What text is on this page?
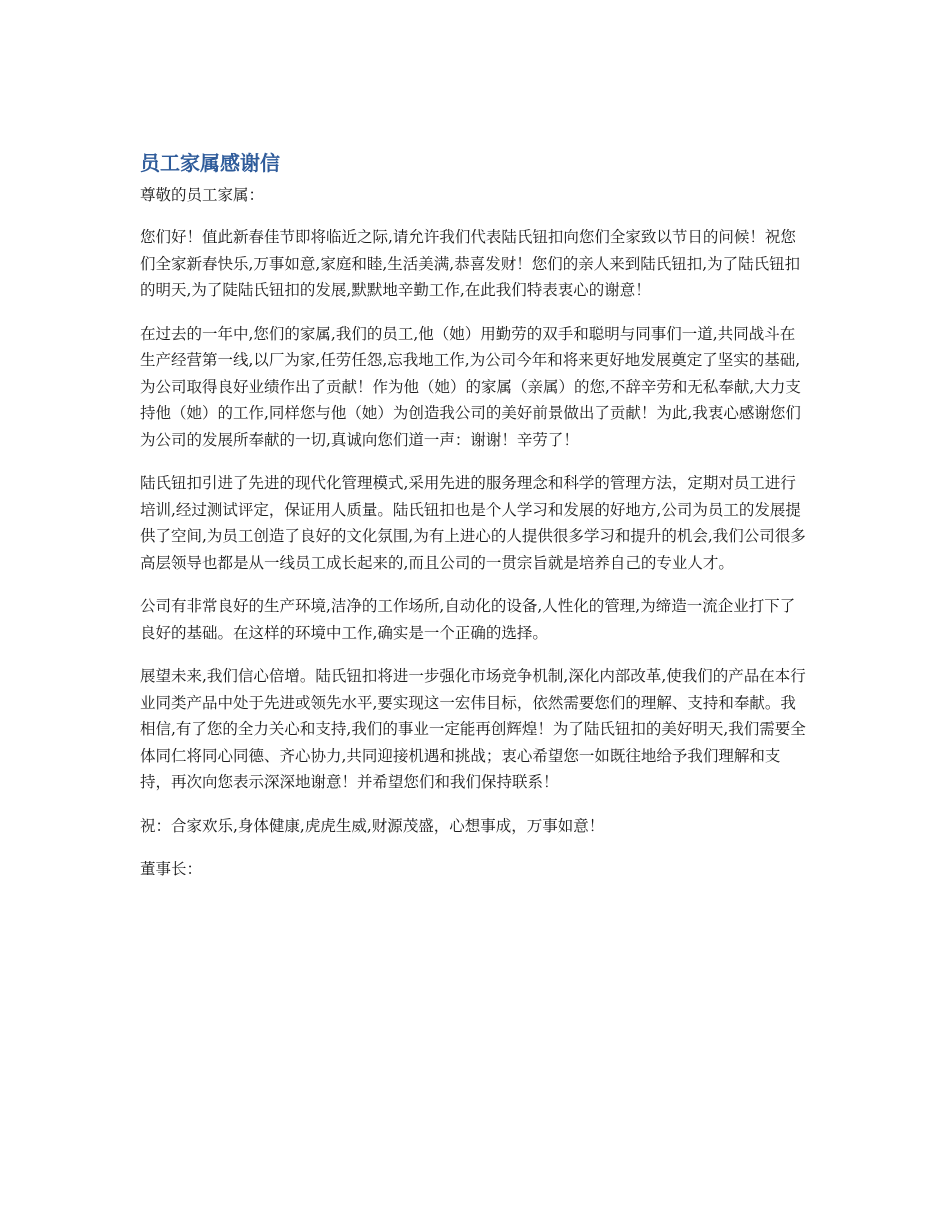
员工家属感谢信

尊敬的员工家属：

您们好！值此新春佳节即将临近之际,请允许我们代表陆氏钮扣向您们全家致以节日的问候！祝您们全家新春快乐,万事如意,家庭和睦,生活美满,恭喜发财！您们的亲人来到陆氏钮扣,为了陆氏钮扣的明天,为了陡陆氏钮扣的发展,默默地辛勤工作,在此我们特表衷心的谢意！

在过去的一年中,您们的家属,我们的员工,他（她）用勤劳的双手和聪明与同事们一道,共同战斗在生产经营第一线,以厂为家,任劳任怨,忘我地工作,为公司今年和将来更好地发展奠定了坚实的基础,为公司取得良好业绩作出了贡献！作为他（她）的家属（亲属）的您,不辞辛劳和无私奉献,大力支持他（她）的工作,同样您与他（她）为创造我公司的美好前景做出了贡献！为此,我衷心感谢您们为公司的发展所奉献的一切,真诚向您们道一声：谢谢！辛劳了！

陆氏钮扣引进了先进的现代化管理模式,采用先进的服务理念和科学的管理方法，定期对员工进行培训,经过测试评定，保证用人质量。陆氏钮扣也是个人学习和发展的好地方,公司为员工的发展提供了空间,为员工创造了良好的文化氛围,为有上进心的人提供很多学习和提升的机会,我们公司很多高层领导也都是从一线员工成长起来的,而且公司的一贯宗旨就是培养自己的专业人才。

公司有非常良好的生产环境,洁净的工作场所,自动化的设备,人性化的管理,为缔造一流企业打下了良好的基础。在这样的环境中工作,确实是一个正确的选择。

展望未来,我们信心倍增。陆氏钮扣将进一步强化市场竞争机制,深化内部改革,使我们的产品在本行业同类产品中处于先进或领先水平,要实现这一宏伟目标，依然需要您们的理解、支持和奉献。我相信,有了您的全力关心和支持,我们的事业一定能再创辉煌！为了陆氏钮扣的美好明天,我们需要全体同仁将同心同德、齐心协力,共同迎接机遇和挑战；衷心希望您一如既往地给予我们理解和支持，再次向您表示深深地谢意！并希望您们和我们保持联系！

祝：合家欢乐,身体健康,虎虎生威,财源茂盛，心想事成，万事如意！

董事长：
